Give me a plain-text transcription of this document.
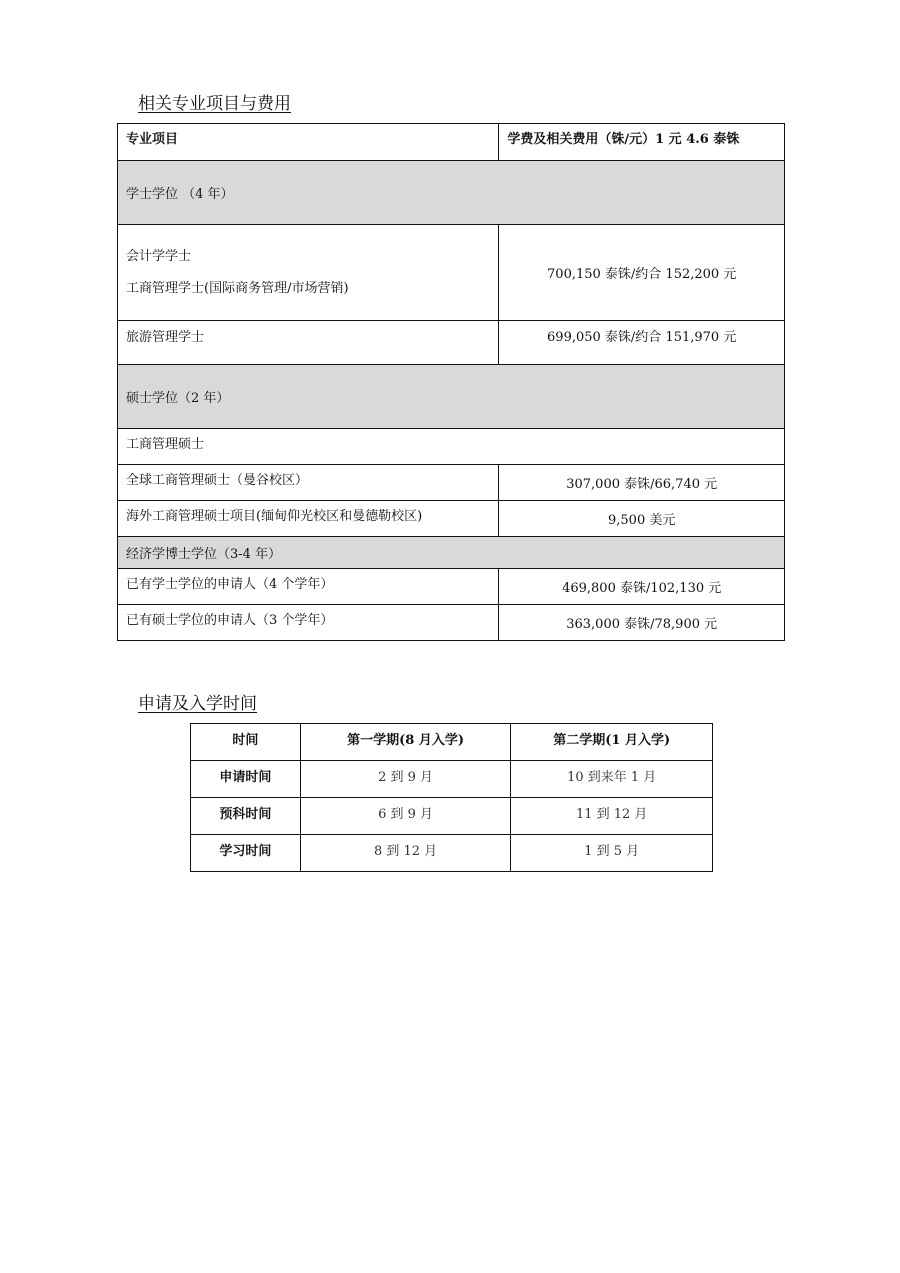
相关专业项目与费用
专业项目	学费及相关费用（铢/元）1 元 4.6 泰铢
学士学位 （4 年）	

会计学学士
工商管理学士(国际商务管理/市场营销)	700,150 泰铢/约合 152,200 元
旅游管理学士	699,050 泰铢/约合 151,970 元
硕士学位（2 年）	
工商管理硕士	
全球工商管理硕士（曼谷校区）	307,000 泰铢/66,740 元
海外工商管理硕士项目(缅甸仰光校区和曼德勒校区)	9,500 美元
经济学博士学位（3-4 年）	
已有学士学位的申请人（4 个学年）	469,800 泰铢/102,130 元
已有硕士学位的申请人（3 个学年）	363,000 泰铢/78,900 元
申请及入学时间
时间	第一学期(8 月入学)	第二学期(1 月入学)
申请时间	2 到 9 月	10 到来年 1 月
预科时间	6 到 9 月	11 到 12 月
学习时间	8 到 12 月	1 到 5 月
